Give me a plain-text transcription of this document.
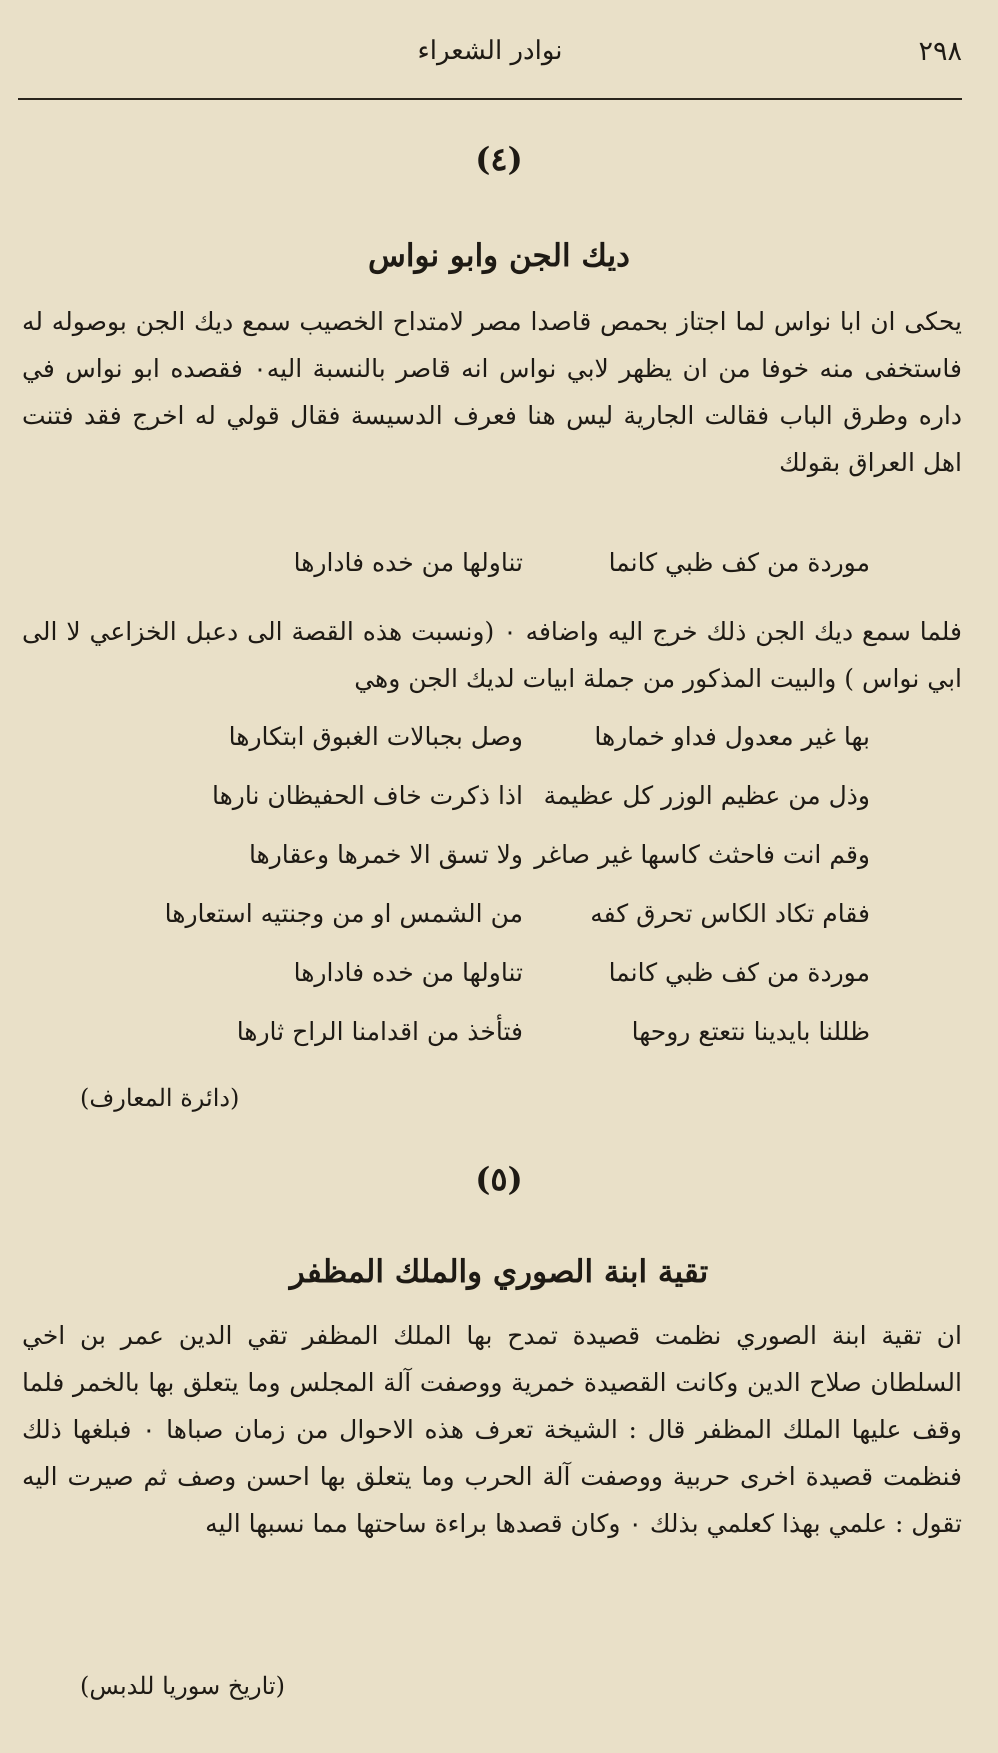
٢٩٨
نوادر الشعراء
(٤)
ديك الجن وابو نواس
يحكى ان ابا نواس لما اجتاز بحمص قاصدا مصر لامتداح الخصيب سمع ديك الجن بوصوله له فاستخفى منه خوفا من ان يظهر لابي نواس انه قاصر بالنسبة اليه٠ فقصده ابو نواس في داره وطرق الباب فقالت الجارية ليس هنا فعرف الدسيسة فقال قولي له اخرج فقد فتنت اهل العراق بقولك
موردة من كف ظبي كانما
تناولها من خده فادارها
فلما سمع ديك الجن ذلك خرج اليه واضافه ٠ (ونسبت هذه القصة الى دعبل الخزاعي لا الى ابي نواس ) والبيت المذكور من جملة ابيات لديك الجن وهي
بها غير معدول فداو خمارها
وصل بجبالات الغبوق ابتكارها
وذل من عظيم الوزر كل عظيمة
اذا ذكرت خاف الحفيظان نارها
وقم انت فاحثث كاسها غير صاغر
ولا تسق الا خمرها وعقارها
فقام تكاد الكاس تحرق كفه
من الشمس او من وجنتيه استعارها
موردة من كف ظبي كانما
تناولها من خده فادارها
ظللنا بايدينا نتعتع روحها
فتأخذ من اقدامنا الراح ثارها
(دائرة المعارف)
(٥)
تقية ابنة الصوري والملك المظفر
ان تقية ابنة الصوري نظمت قصيدة تمدح بها الملك المظفر تقي الدين عمر بن اخي السلطان صلاح الدين وكانت القصيدة خمرية ووصفت آلة المجلس وما يتعلق بها بالخمر فلما وقف عليها الملك المظفر قال : الشيخة تعرف هذه الاحوال من زمان صباها ٠ فبلغها ذلك فنظمت قصيدة اخرى حربية ووصفت آلة الحرب وما يتعلق بها احسن وصف ثم صيرت اليه تقول : علمي بهذا كعلمي بذلك ٠ وكان قصدها براءة ساحتها مما نسبها اليه
(تاريخ سوريا للدبس)
